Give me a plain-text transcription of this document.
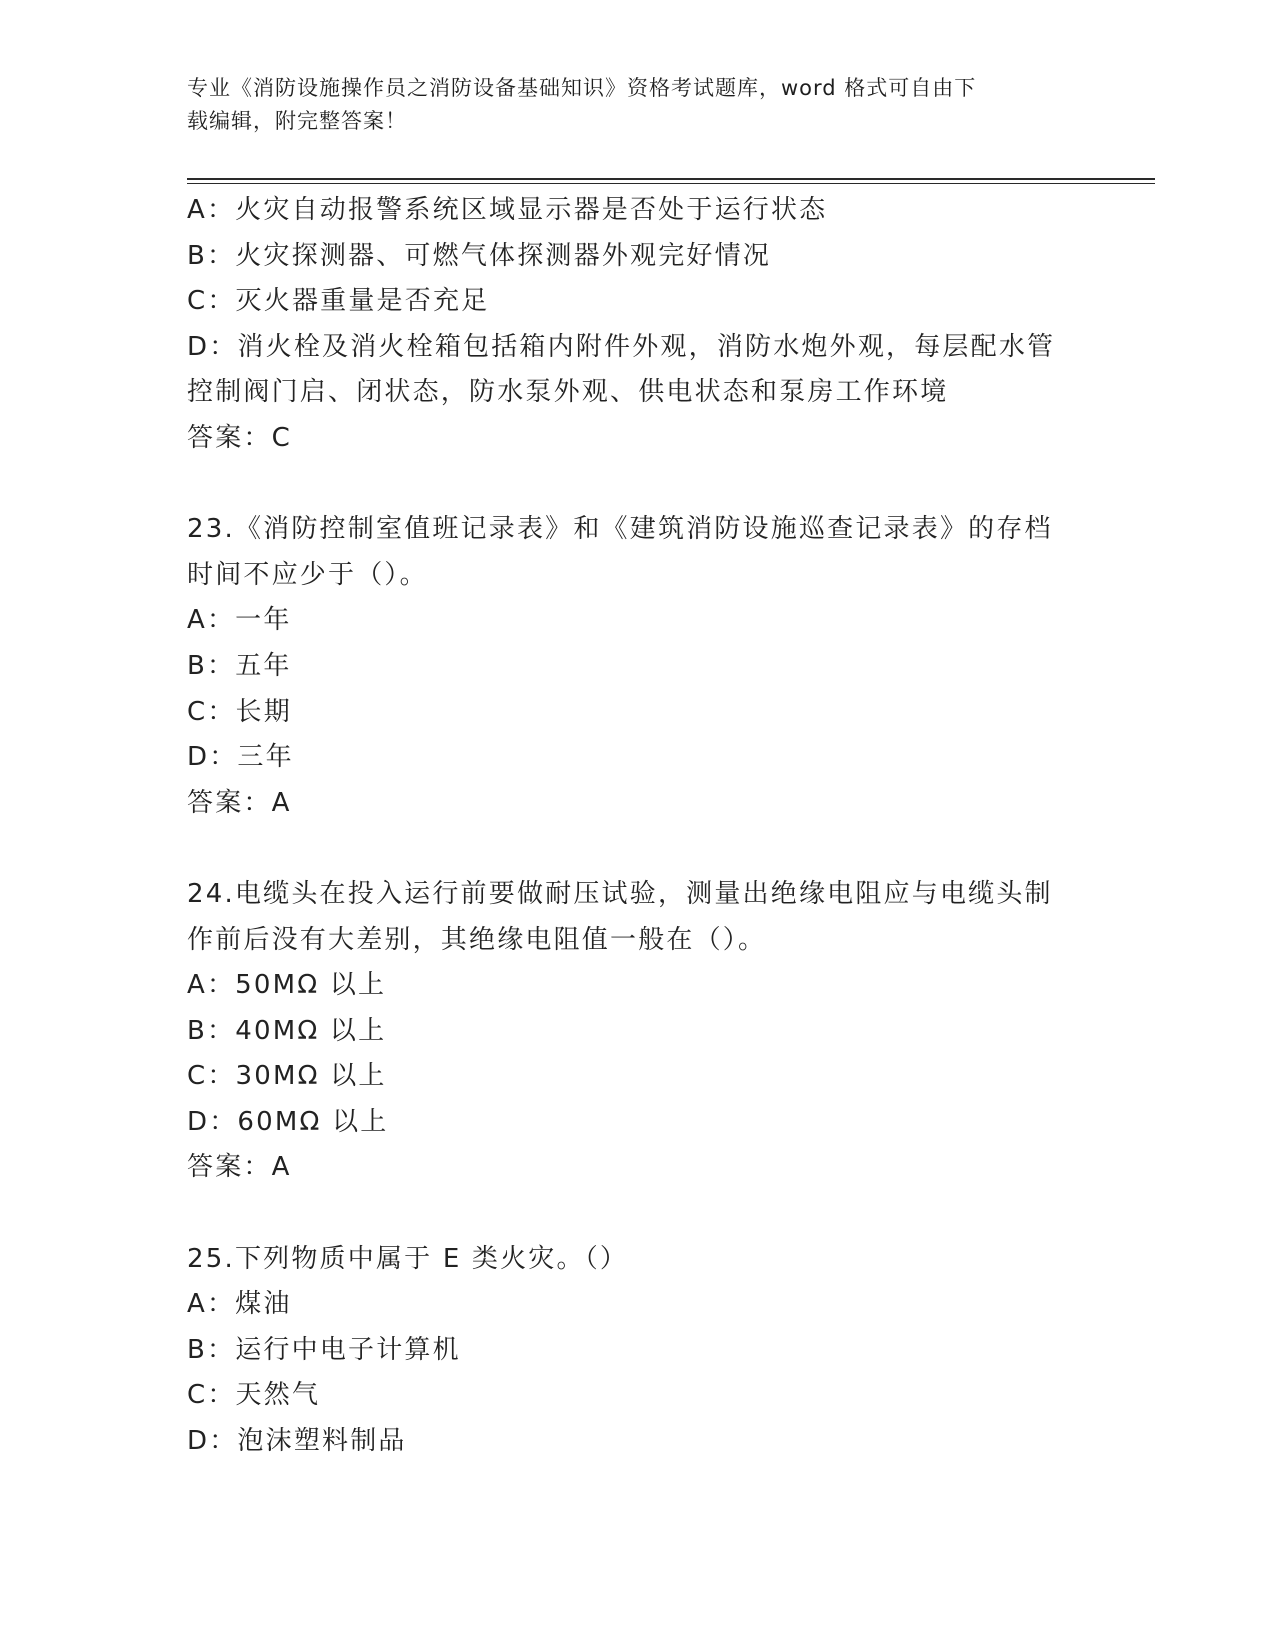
专业《消防设施操作员之消防设备基础知识》资格考试题库，word 格式可自由下
载编辑，附完整答案！
A：火灾自动报警系统区域显示器是否处于运行状态
B：火灾探测器、可燃气体探测器外观完好情况
C：灭火器重量是否充足
D：消火栓及消火栓箱包括箱内附件外观，消防水炮外观，每层配水管
控制阀门启、闭状态，防水泵外观、供电状态和泵房工作环境
答案：C
23.《消防控制室值班记录表》和《建筑消防设施巡查记录表》的存档
时间不应少于（）。
A：一年
B：五年
C：长期
D：三年
答案：A
24.电缆头在投入运行前要做耐压试验，测量出绝缘电阻应与电缆头制
作前后没有大差别，其绝缘电阻值一般在（）。
A：50MΩ 以上
B：40MΩ 以上
C：30MΩ 以上
D：60MΩ 以上
答案：A
25.下列物质中属于 E 类火灾。（）
A：煤油
B：运行中电子计算机
C：天然气
D：泡沫塑料制品
